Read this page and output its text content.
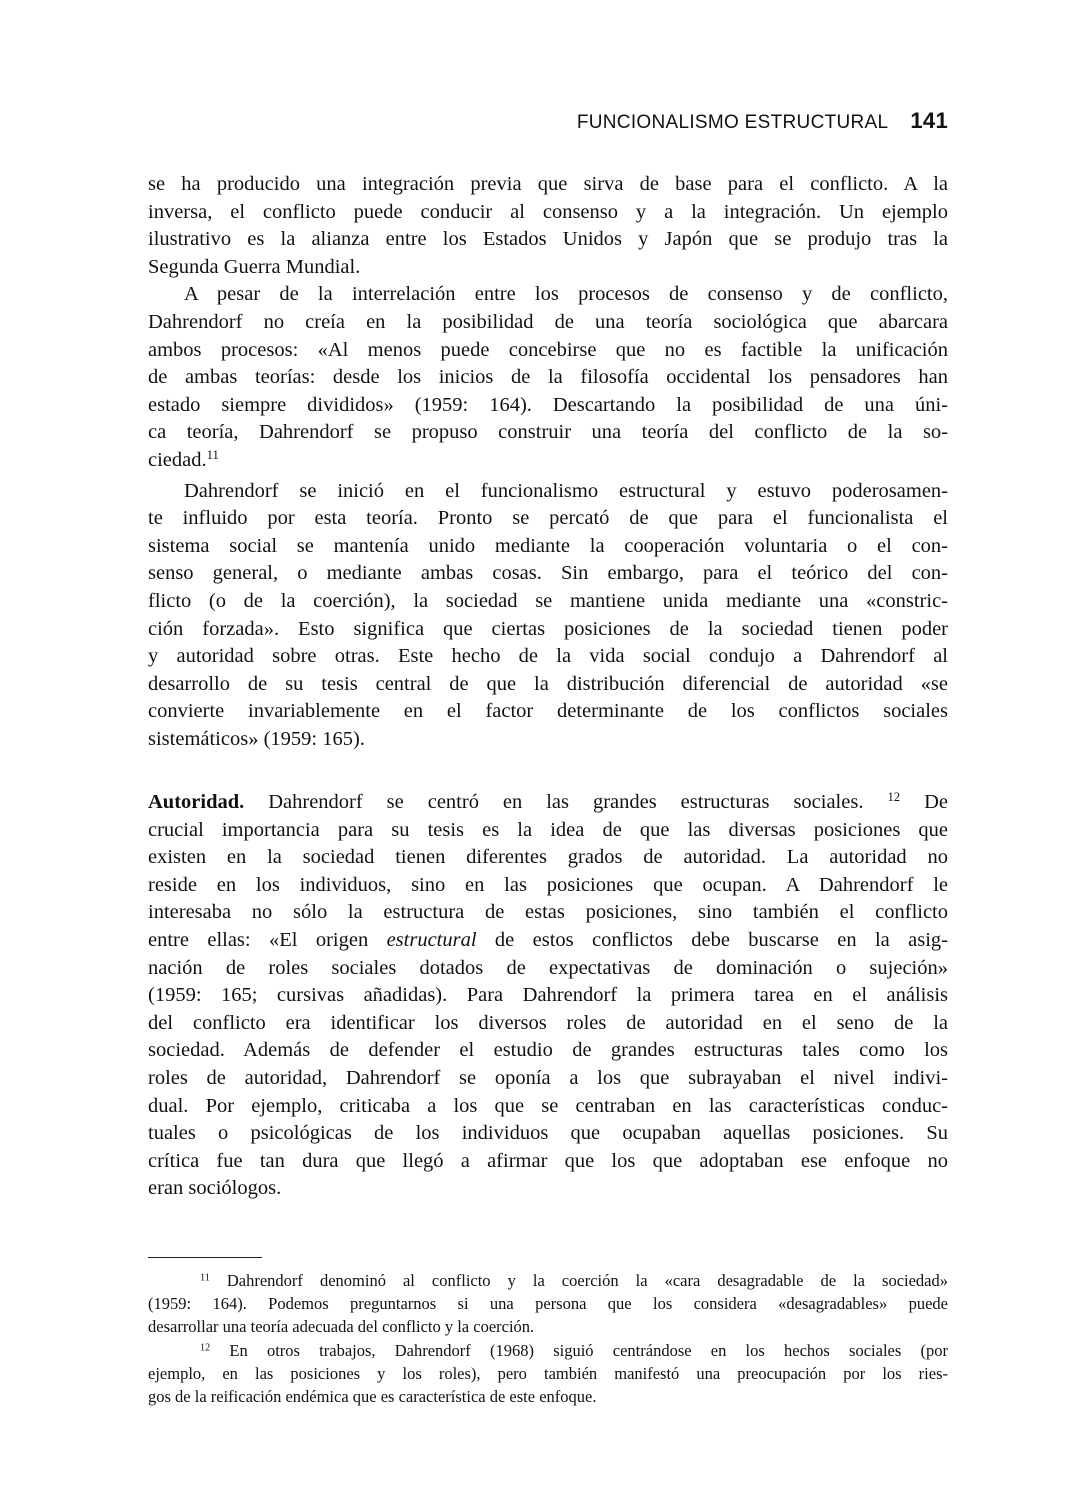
FUNCIONALISMO ESTRUCTURAL 141
se ha producido una integración previa que sirva de base para el conflicto. A la
inversa, el conflicto puede conducir al consenso y a la integración. Un ejemplo
ilustrativo es la alianza entre los Estados Unidos y Japón que se produjo tras la
Segunda Guerra Mundial.
A pesar de la interrelación entre los procesos de consenso y de conflicto,
Dahrendorf no creía en la posibilidad de una teoría sociológica que abarcara
ambos procesos: «Al menos puede concebirse que no es factible la unificación
de ambas teorías: desde los inicios de la filosofía occidental los pensadores han
estado siempre divididos» (1959: 164). Descartando la posibilidad de una úni-
ca teoría, Dahrendorf se propuso construir una teoría del conflicto de la so-
ciedad.$^{11}$
Dahrendorf se inició en el funcionalismo estructural y estuvo poderosamen-
te influido por esta teoría. Pronto se percató de que para el funcionalista el
sistema social se mantenía unido mediante la cooperación voluntaria o el con-
senso general, o mediante ambas cosas. Sin embargo, para el teórico del con-
flicto (o de la coerción), la sociedad se mantiene unida mediante una «constric-
ción forzada». Esto significa que ciertas posiciones de la sociedad tienen poder
y autoridad sobre otras. Este hecho de la vida social condujo a Dahrendorf al
desarrollo de su tesis central de que la distribución diferencial de autoridad «se
convierte invariablemente en el factor determinante de los conflictos sociales
sistemáticos» (1959: 165).
Autoridad. Dahrendorf se centró en las grandes estructuras sociales. $^{12}$ De
crucial importancia para su tesis es la idea de que las diversas posiciones que
existen en la sociedad tienen diferentes grados de autoridad. La autoridad no
reside en los individuos, sino en las posiciones que ocupan. A Dahrendorf le
interesaba no sólo la estructura de estas posiciones, sino también el conflicto
entre ellas: «El origen estructural de estos conflictos debe buscarse en la asig-
nación de roles sociales dotados de expectativas de dominación o sujeción»
(1959: 165; cursivas añadidas). Para Dahrendorf la primera tarea en el análisis
del conflicto era identificar los diversos roles de autoridad en el seno de la
sociedad. Además de defender el estudio de grandes estructuras tales como los
roles de autoridad, Dahrendorf se oponía a los que subrayaban el nivel indivi-
dual. Por ejemplo, criticaba a los que se centraban en las características conduc-
tuales o psicológicas de los individuos que ocupaban aquellas posiciones. Su
crítica fue tan dura que llegó a afirmar que los que adoptaban ese enfoque no
eran sociólogos.
$^{11}$ Dahrendorf denominó al conflicto y la coerción la «cara desagradable de la sociedad»
(1959: 164). Podemos preguntarnos si una persona que los considera «desagradables» puede
desarrollar una teoría adecuada del conflicto y la coerción.
$^{12}$ En otros trabajos, Dahrendorf (1968) siguió centrándose en los hechos sociales (por
ejemplo, en las posiciones y los roles), pero también manifestó una preocupación por los ries-
gos de la reificación endémica que es característica de este enfoque.
